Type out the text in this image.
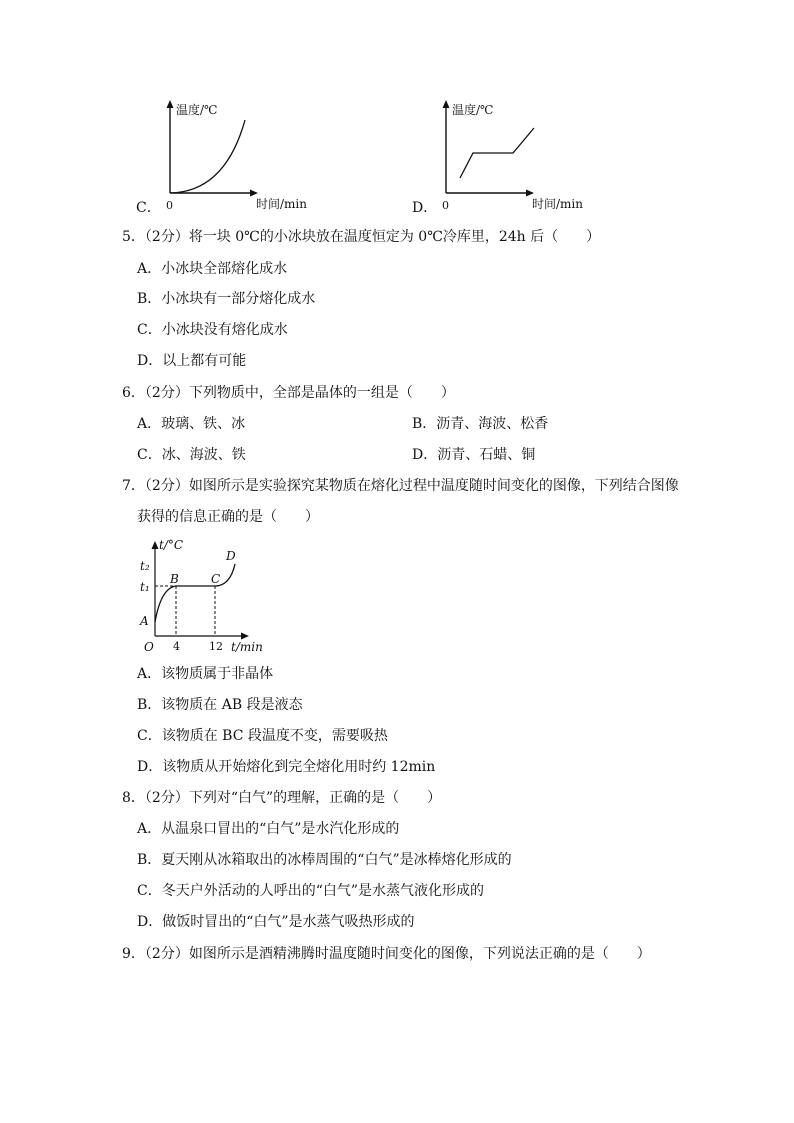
C．
温度/℃
0	时间/min	D．
温度/℃
0	时间/min
5．（2分）将一块 0℃的小冰块放在温度恒定为 0℃冷库里，24h 后（　　）
A．小冰块全部熔化成水
B．小冰块有一部分熔化成水
C．小冰块没有熔化成水
D．以上都有可能
6．（2分）下列物质中，全部是晶体的一组是（　　）
A．玻璃、铁、冰	B．沥青、海波、松香
C．冰、海波、铁	D．沥青、石蜡、铜
7．（2分）如图所示是实验探究某物质在熔化过程中温度随时间变化的图像，下列结合图像
获得的信息正确的是（　　）
t/°C
t₂
t₁
D
B	C
A
O 4	12 t/min
A．该物质属于非晶体
B．该物质在 AB 段是液态
C．该物质在 BC 段温度不变，需要吸热
D．该物质从开始熔化到完全熔化用时约 12min
8．（2分）下列对“白气”的理解，正确的是（　　）
A．从温泉口冒出的“白气”是水汽化形成的
B．夏天刚从冰箱取出的冰棒周围的“白气”是冰棒熔化形成的
C．冬天户外活动的人呼出的“白气”是水蒸气液化形成的
D．做饭时冒出的“白气”是水蒸气吸热形成的
9．（2分）如图所示是酒精沸腾时温度随时间变化的图像，下列说法正确的是（　　）
